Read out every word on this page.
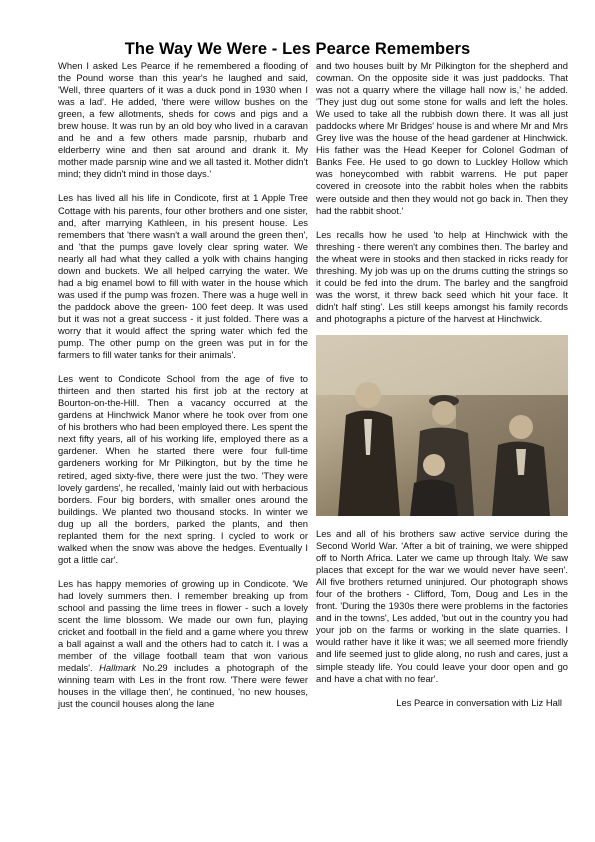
The Way We Were - Les Pearce Remembers

When I asked Les Pearce if he remembered a flooding of the Pound worse than this year's he laughed and said, 'Well, three quarters of it was a duck pond in 1930 when I was a lad'. He added, 'there were willow bushes on the green, a few allotments, sheds for cows and pigs and a brew house. It was run by an old boy who lived in a caravan and he and a few others made parsnip, rhubarb and elderberry wine and then sat around and drank it. My mother made parsnip wine and we all tasted it. Mother didn't mind; they didn't mind in those days.'

Les has lived all his life in Condicote, first at 1 Apple Tree Cottage with his parents, four other brothers and one sister, and, after marrying Kathleen, in his present house. Les remembers that 'there wasn't a wall around the green then', and 'that the pumps gave lovely clear spring water. We nearly all had what they called a yolk with chains hanging down and buckets. We all helped carrying the water. We had a big enamel bowl to fill with water in the house which was used if the pump was frozen. There was a huge well in the paddock above the green- 100 feet deep. It was used but it was not a great success - it just folded. There was a worry that it would affect the spring water which fed the pump. The other pump on the green was put in for the farmers to fill water tanks for their animals'.

Les went to Condicote School from the age of five to thirteen and then started his first job at the rectory at Bourton-on-the-Hill. Then a vacancy occurred at the gardens at Hinchwick Manor where he took over from one of his brothers who had been employed there. Les spent the next fifty years, all of his working life, employed there as a gardener. When he started there were four full-time gardeners working for Mr Pilkington, but by the time he retired, aged sixty-five, there were just the two. 'They were lovely gardens', he recalled, 'mainly laid out with herbacious borders. Four big borders, with smaller ones around the buildings. We planted two thousand stocks. In winter we dug up all the borders, parked the plants, and then replanted them for the next spring. I cycled to work or walked when the snow was above the hedges. Eventually I got a little car'.

Les has happy memories of growing up in Condicote. 'We had lovely summers then. I remember breaking up from school and passing the lime trees in flower - such a lovely scent the lime blossom. We made our own fun, playing cricket and football in the field and a game where you threw a ball against a wall and the others had to catch it. I was a member of the village football team that won various medals'. Hallmark No.29 includes a photograph of the winning team with Les in the front row. 'There were fewer houses in the village then', he continued, 'no new houses, just the council houses along the lane

and two houses built by Mr Pilkington for the shepherd and cowman. On the opposite side it was just paddocks. That was not a quarry where the village hall now is,' he added. 'They just dug out some stone for walls and left the holes. We used to take all the rubbish down there. It was all just paddocks where Mr Bridges' house is and where Mr and Mrs Grey live was the house of the head gardener at Hinchwick. His father was the Head Keeper for Colonel Godman of Banks Fee. He used to go down to Luckley Hollow which was honeycombed with rabbit warrens. He put paper covered in creosote into the rabbit holes when the rabbits were outside and then they would not go back in. Then they had the rabbit shoot.'

Les recalls how he used 'to help at Hinchwick with the threshing - there weren't any combines then. The barley and the wheat were in stooks and then stacked in ricks ready for threshing. My job was up on the drums cutting the strings so it could be fed into the drum. The barley and the sangfroid was the worst, it threw back seed which hit your face. It didn't half sting'. Les still keeps amongst his family records and photographs a picture of the harvest at Hinchwick.

Les and all of his brothers saw active service during the Second World War. 'After a bit of training, we were shipped off to North Africa. Later we came up through Italy. We saw places that except for the war we would never have seen'. All five brothers returned uninjured. Our photograph shows four of the brothers - Clifford, Tom, Doug and Les in the front. 'During the 1930s there were problems in the factories and in the towns', Les added, 'but out in the country you had your job on the farms or working in the slate quarries. I would rather have it like it was; we all seemed more friendly and life seemed just to glide along, no rush and cares, just a simple steady life. You could leave your door open and go and have a chat with no fear'.

Les Pearce in conversation with Liz Hall
